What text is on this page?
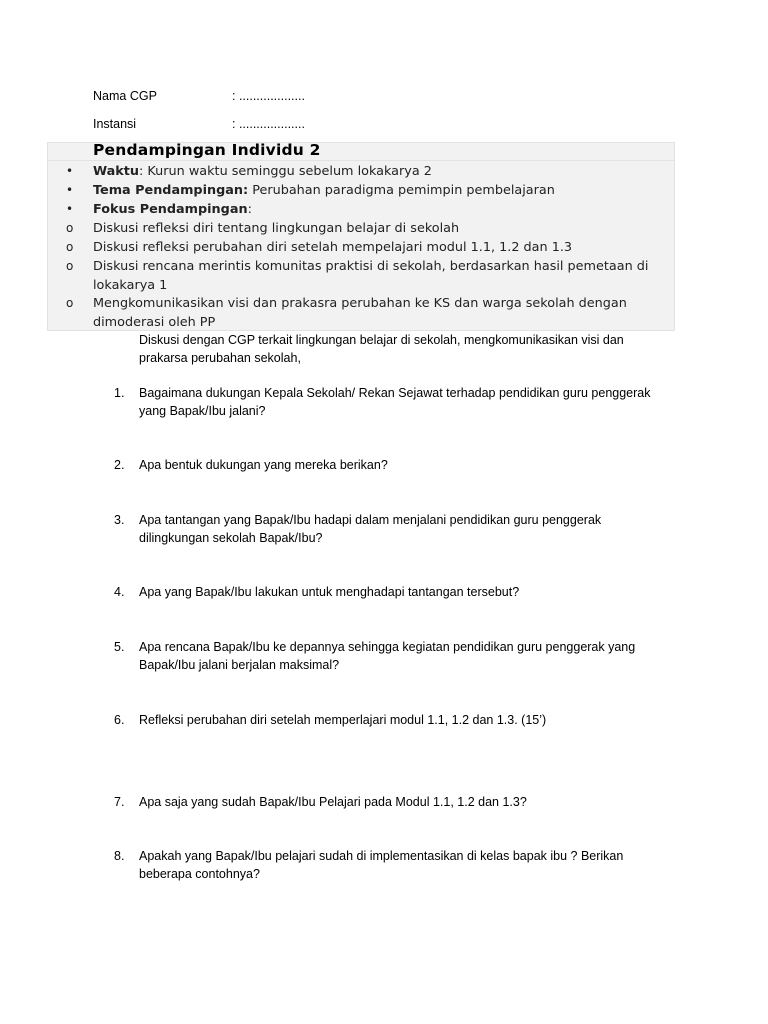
Nama CGP	: ...................
Instansi	: ...................
Pendampingan Individu 2
• Waktu: Kurun waktu seminggu sebelum lokakarya 2
• Tema Pendampingan: Perubahan paradigma pemimpin pembelajaran
• Fokus Pendampingan:
o Diskusi refleksi diri tentang lingkungan belajar di sekolah
o Diskusi refleksi perubahan diri setelah mempelajari modul 1.1, 1.2 dan 1.3
o Diskusi rencana merintis komunitas praktisi di sekolah, berdasarkan hasil pemetaan di lokakarya 1
o Mengkomunikasikan visi dan prakasra perubahan ke KS dan warga sekolah dengan dimoderasi oleh PP
Diskusi dengan CGP terkait lingkungan belajar di sekolah, mengkomunikasikan visi dan prakarsa perubahan sekolah,
1. Bagaimana dukungan Kepala Sekolah/ Rekan Sejawat terhadap pendidikan guru penggerak yang Bapak/Ibu jalani?
2. Apa bentuk dukungan yang mereka berikan?
3. Apa tantangan yang Bapak/Ibu hadapi dalam menjalani pendidikan guru penggerak dilingkungan sekolah Bapak/Ibu?
4. Apa yang Bapak/Ibu lakukan untuk menghadapi tantangan tersebut?
5. Apa rencana Bapak/Ibu ke depannya sehingga kegiatan pendidikan guru penggerak yang Bapak/Ibu jalani berjalan maksimal?
6. Refleksi perubahan diri setelah memperlajari modul 1.1, 1.2 dan 1.3. (15’)
7. Apa saja yang sudah Bapak/Ibu Pelajari pada Modul 1.1, 1.2 dan 1.3?
8. Apakah yang Bapak/Ibu pelajari sudah di implementasikan di kelas bapak ibu ? Berikan beberapa contohnya?
